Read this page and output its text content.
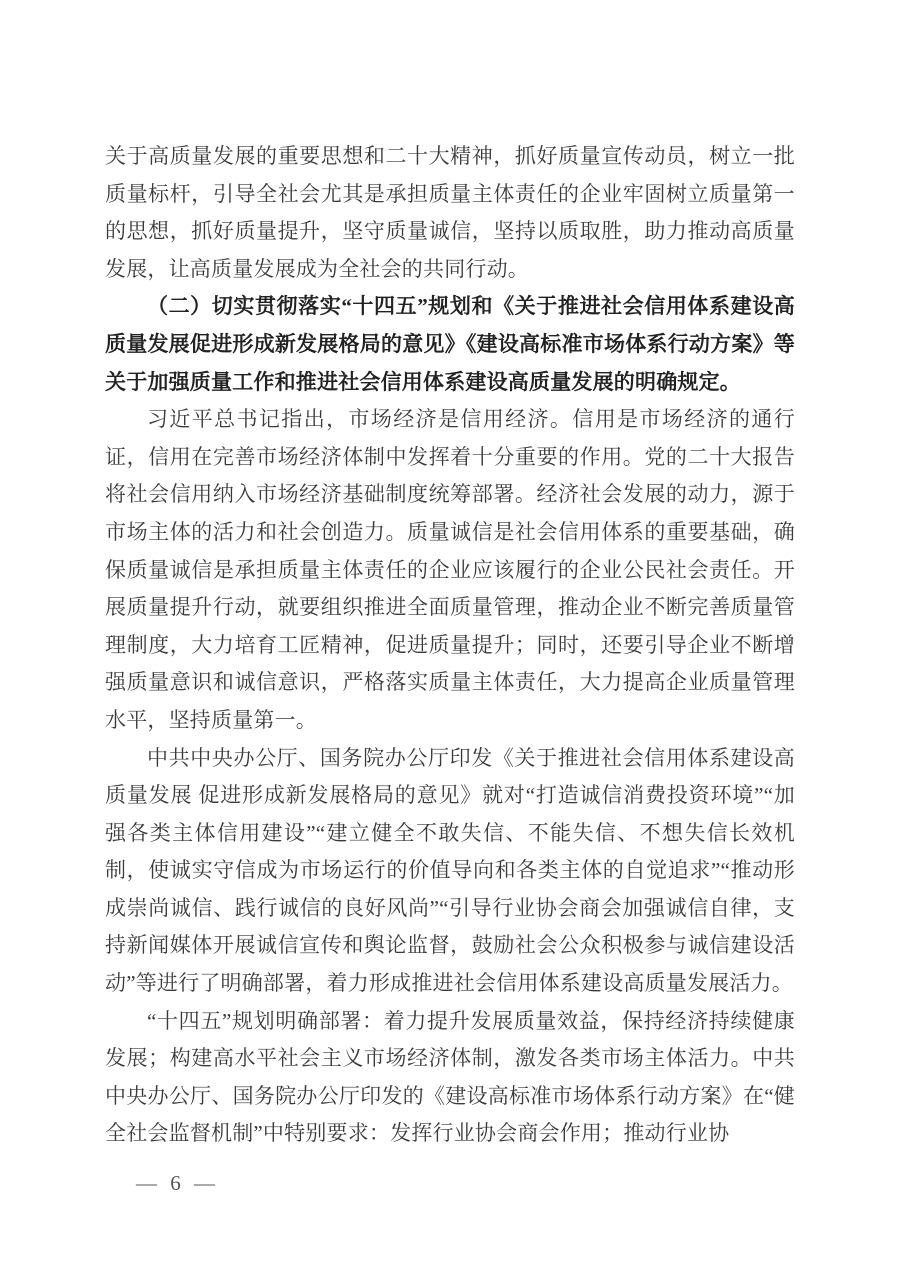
关于高质量发展的重要思想和二十大精神，抓好质量宣传动员，树立一批质量标杆，引导全社会尤其是承担质量主体责任的企业牢固树立质量第一的思想，抓好质量提升，坚守质量诚信，坚持以质取胜，助力推动高质量发展，让高质量发展成为全社会的共同行动。

（二）切实贯彻落实“十四五”规划和《关于推进社会信用体系建设高质量发展促进形成新发展格局的意见》《建设高标准市场体系行动方案》等关于加强质量工作和推进社会信用体系建设高质量发展的明确规定。

习近平总书记指出，市场经济是信用经济。信用是市场经济的通行证，信用在完善市场经济体制中发挥着十分重要的作用。党的二十大报告将社会信用纳入市场经济基础制度统筹部署。经济社会发展的动力，源于市场主体的活力和社会创造力。质量诚信是社会信用体系的重要基础，确保质量诚信是承担质量主体责任的企业应该履行的企业公民社会责任。开展质量提升行动，就要组织推进全面质量管理，推动企业不断完善质量管理制度，大力培育工匠精神，促进质量提升；同时，还要引导企业不断增强质量意识和诚信意识，严格落实质量主体责任，大力提高企业质量管理水平，坚持质量第一。

中共中央办公厅、国务院办公厅印发《关于推进社会信用体系建设高质量发展 促进形成新发展格局的意见》就对“打造诚信消费投资环境”“加强各类主体信用建设”“建立健全不敢失信、不能失信、不想失信长效机制，使诚实守信成为市场运行的价值导向和各类主体的自觉追求”“推动形成崇尚诚信、践行诚信的良好风尚”“引导行业协会商会加强诚信自律，支持新闻媒体开展诚信宣传和舆论监督，鼓励社会公众积极参与诚信建设活动”等进行了明确部署，着力形成推进社会信用体系建设高质量发展活力。

“十四五”规划明确部署：着力提升发展质量效益，保持经济持续健康发展；构建高水平社会主义市场经济体制，激发各类市场主体活力。中共中央办公厅、国务院办公厅印发的《建设高标准市场体系行动方案》在“健全社会监督机制”中特别要求：发挥行业协会商会作用；推动行业协

— 6 —
